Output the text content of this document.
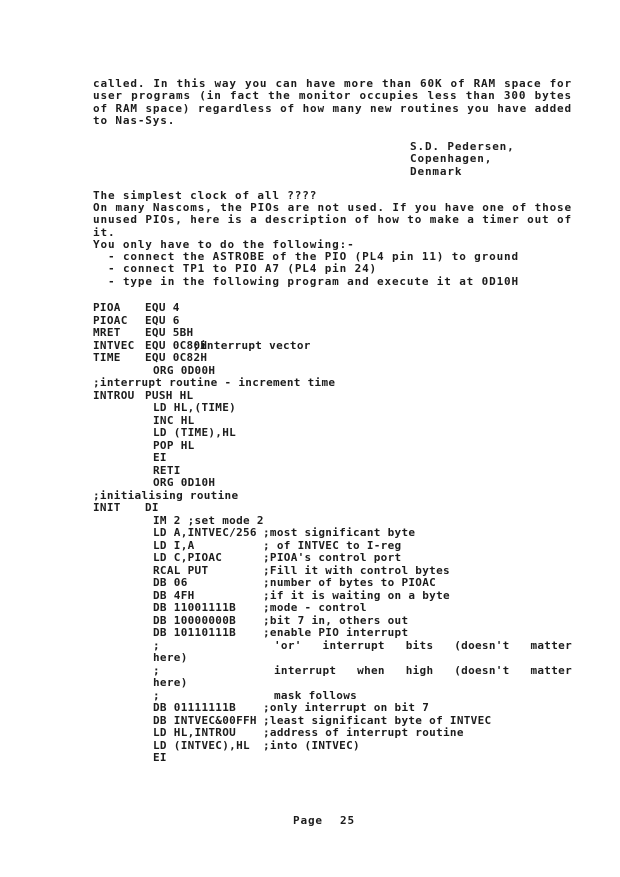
called. In this way you can have more than 60K of RAM space for
user programs (in fact the monitor occupies less than 300 bytes
of RAM space) regardless of how many new routines you have added
to Nas-Sys.
S.D. Pedersen,
Copenhagen,
Denmark
The simplest clock of all ????
On many Nascoms, the PIOs are not used. If you have one of those
unused PIOs, here is a description of how to make a timer out of
it.
You only have to do the following:-
- connect the ASTROBE of the PIO (PL4 pin 11) to ground
- connect TP1 to PIO A7 (PL4 pin 24)
- type in the following program and execute it at 0D10H
PIOA EQU 4
PIOAC EQU 6
MRET EQU 5BH
INTVEC EQU 0C80H
;interrupt vector
TIME EQU 0C82H
ORG 0D00H
;interrupt routine - increment time
INTROU PUSH HL
LD HL,(TIME)
INC HL
LD (TIME),HL
POP HL
EI
RETI
ORG 0D10H
;initialising routine
INIT DI
IM 2 ;set mode 2
LD A,INTVEC/256 ;most significant byte
LD I,A	; of INTVEC to I-reg
LD C,PIOAC	;PIOA's control port
RCAL PUT	;Fill it with control bytes
DB 06	;number of bytes to PIOAC
DB 4FH	;if it is waiting on a byte
DB 11001111B ;mode - control
DB 10000000B ;bit 7 in, others out
DB 10110111B ;enable PIO interrupt
;	'or' interrupt bits (doesn't matter
here)
;	interrupt when high (doesn't matter
here)
;	mask follows
DB 01111111B ;only interrupt on bit 7
DB INTVEC&00FFH ;least significant byte of INTVEC
LD HL,INTROU ;address of interrupt routine
LD (INTVEC),HL ;into (INTVEC)
EI
Page 25
